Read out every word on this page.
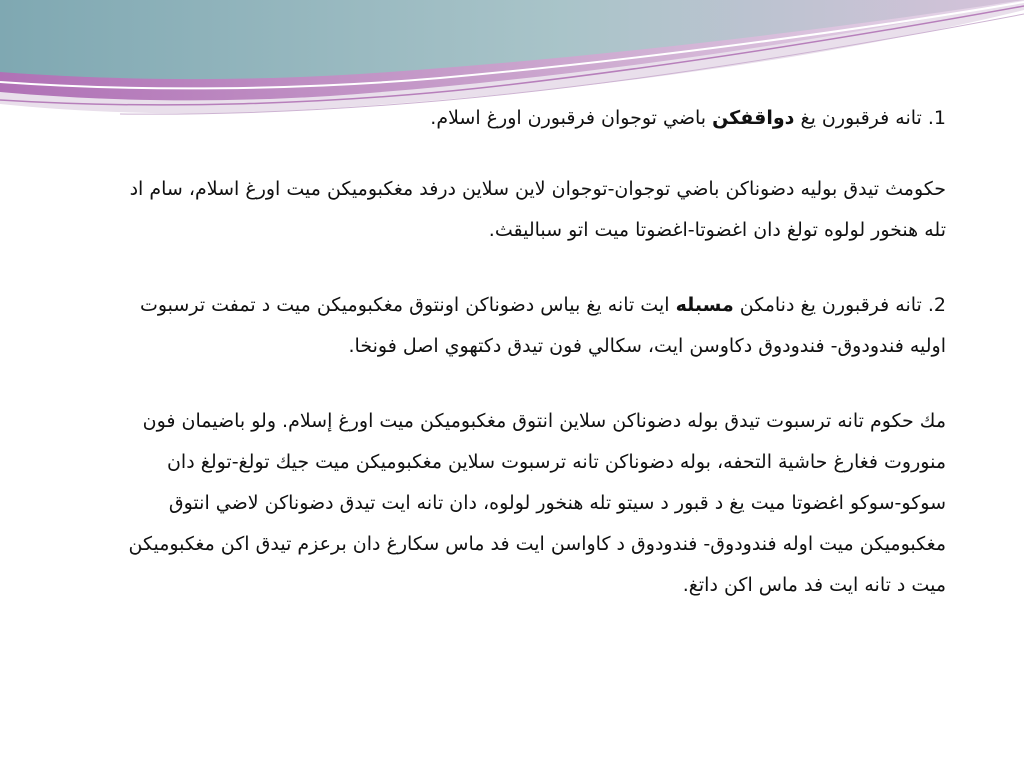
1. تانه فرقبورن يغ دواقفكن باضي توجوان فرقبورن اورغ اسلام.

حكومث تيدق بوليه دضوناكن باضي توجوان-توجوان لاين سلاين درفد مغكبوميكن ميت اورغ اسلام، سام اد تله هنخور لولوه تولغ دان اغضوتا-اغضوتا ميت اتو سباليقث.

2. تانه فرقبورن يغ دنامكن مسبله ايت تانه يغ بياس دضوناكن اونتوق مغكبوميكن ميت د تمفت ترسبوت اوليه فندودوق- فندودوق دكاوسن ايت، سكالي فون تيدق دكتهوي اصل فونخا.

مك حكوم تانه ترسبوت تيدق بوله دضوناكن سلاين انتوق مغكبوميكن ميت اورغ إسلام. ولو باضيمان فون منوروت فغارغ حاشية التحفه، بوله دضوناكن تانه ترسبوت سلاين مغكبوميكن ميت جيك تولغ-تولغ دان سوكو-سوكو اغضوتا ميت يغ د قبور د سيتو تله هنخور لولوه، دان تانه ايت تيدق دضوناكن لاضي انتوق مغكبوميكن ميت اوله فندودوق- فندودوق د كاواسن ايت فد ماس سكارغ دان برعزم تيدق اكن مغكبوميكن ميت د تانه ايت فد ماس اكن داتغ.
